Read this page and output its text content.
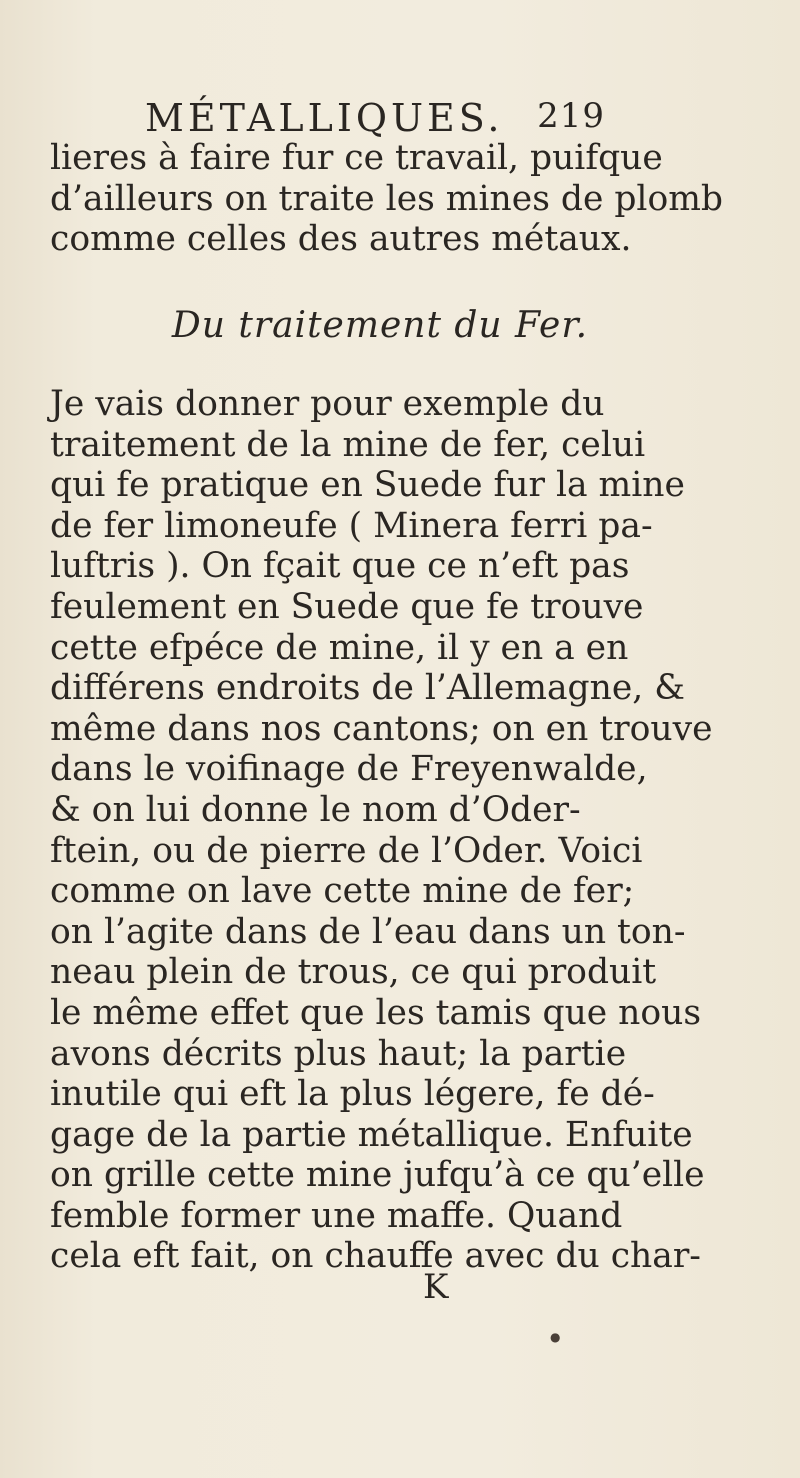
MÉTALLIQUES. 219
lieres à faire fur ce travail, puifque
d’ailleurs on traite les mines de plomb
comme celles des autres métaux.
Du traitement du Fer.
Je vais donner pour exemple du
traitement de la mine de fer, celui
qui fe pratique en Suede fur la mine
de fer limoneufe ( Minera ferri pa-
luftris ). On fçait que ce n’eft pas
feulement en Suede que fe trouve
cette efpéce de mine, il y en a en
différens endroits de l’Allemagne, &
même dans nos cantons; on en trouve
dans le voifinage de Freyenwalde,
& on lui donne le nom d’Oder-
ftein, ou de pierre de l’Oder. Voici
comme on lave cette mine de fer;
on l’agite dans de l’eau dans un ton-
neau plein de trous, ce qui produit
le même effet que les tamis que nous
avons décrits plus haut; la partie
inutile qui eft la plus légere, fe dé-
gage de la partie métallique. Enfuite
on grille cette mine jufqu’à ce qu’elle
femble former une maffe. Quand
cela eft fait, on chauffe avec du char-
K
●
